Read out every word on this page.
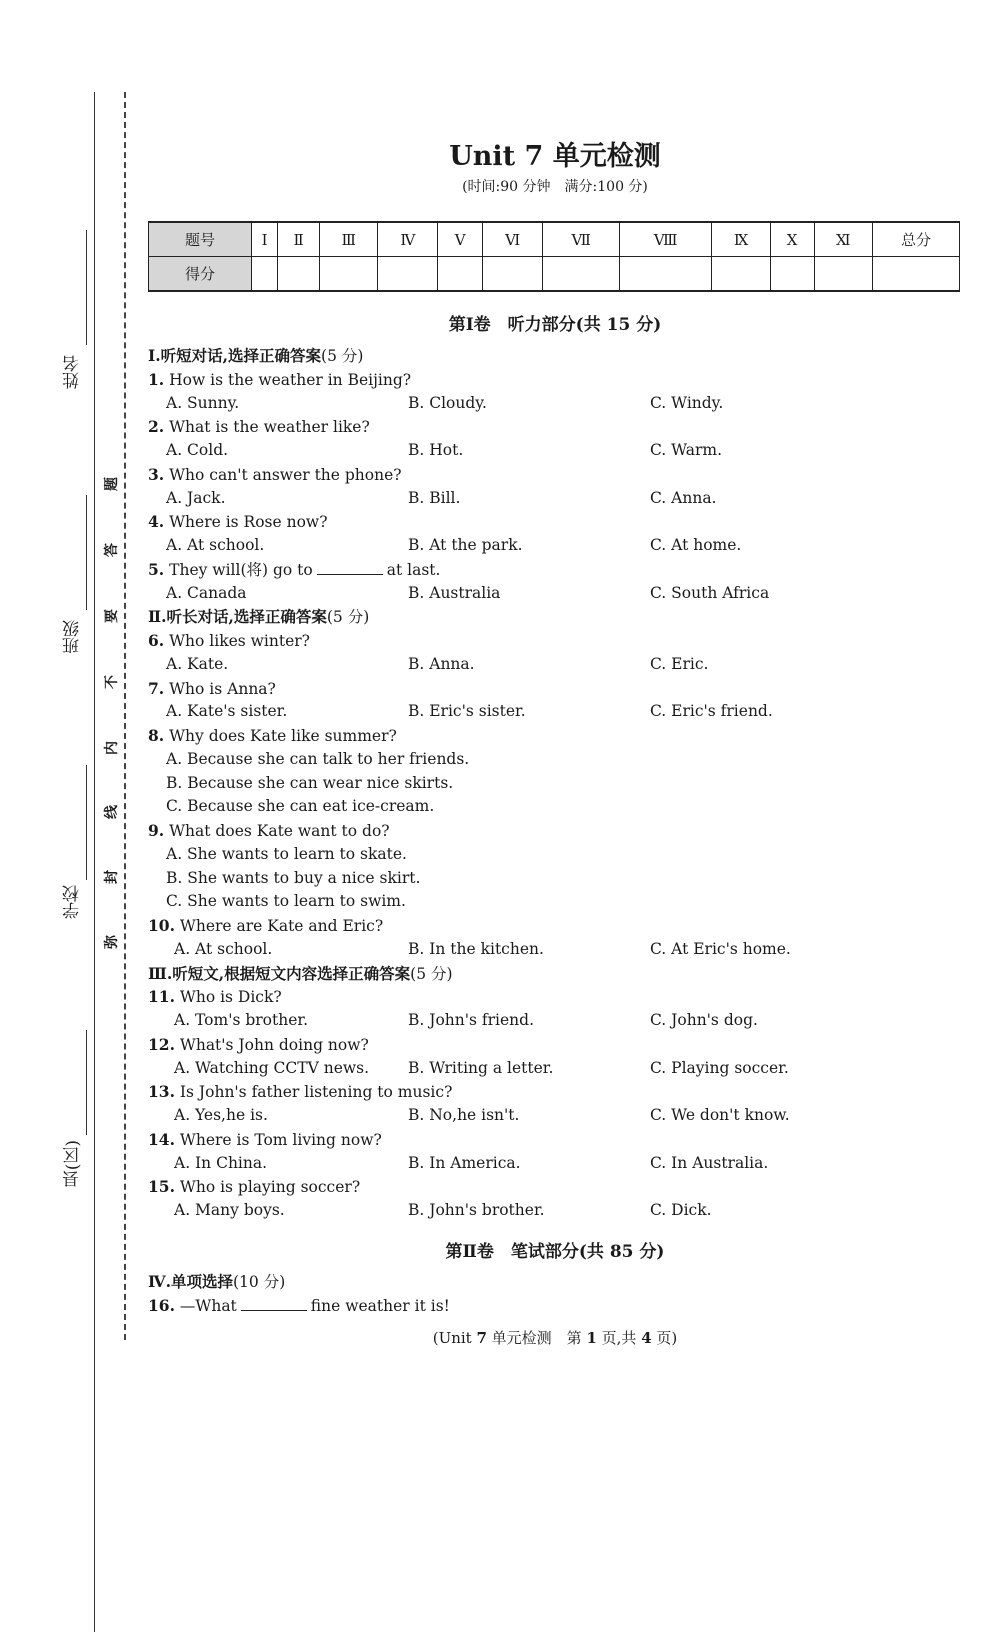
姓名
班级
学校
县(区)
题
答
要
不
内
线
封
弥
Unit 7 单元检测
(时间:90 分钟　满分:100 分)
题号	Ⅰ	Ⅱ	Ⅲ	Ⅳ	Ⅴ	Ⅵ	Ⅶ	Ⅷ	Ⅸ	Ⅹ	Ⅺ	总分
得分												
第Ⅰ卷　听力部分(共 15 分)
Ⅰ.听短对话,选择正确答案(5 分)
1. How is the weather in Beijing?
A. Sunny.	B. Cloudy.	C. Windy.
2. What is the weather like?
A. Cold.	B. Hot.	C. Warm.
3. Who can't answer the phone?
A. Jack.	B. Bill.	C. Anna.
4. Where is Rose now?
A. At school.	B. At the park.	C. At home.
5. They will(将) go to	at last.
A. Canada	B. Australia	C. South Africa
Ⅱ.听长对话,选择正确答案(5 分)
6. Who likes winter?
A. Kate.	B. Anna.	C. Eric.
7. Who is Anna?
A. Kate's sister.	B. Eric's sister.	C. Eric's friend.
8. Why does Kate like summer?
A. Because she can talk to her friends.
B. Because she can wear nice skirts.
C. Because she can eat ice-cream.
9. What does Kate want to do?
A. She wants to learn to skate.
B. She wants to buy a nice skirt.
C. She wants to learn to swim.
10. Where are Kate and Eric?
A. At school.	B. In the kitchen.	C. At Eric's home.
Ⅲ.听短文,根据短文内容选择正确答案(5 分)
11. Who is Dick?
A. Tom's brother.	B. John's friend.	C. John's dog.
12. What's John doing now?
A. Watching CCTV news.	B. Writing a letter.	C. Playing soccer.
13. Is John's father listening to music?
A. Yes,he is.	B. No,he isn't.	C. We don't know.
14. Where is Tom living now?
A. In China.	B. In America.	C. In Australia.
15. Who is playing soccer?
A. Many boys.	B. John's brother.	C. Dick.
第Ⅱ卷　笔试部分(共 85 分)
Ⅳ.单项选择(10 分)
16. —What	fine weather it is!
(Unit 7 单元检测　第 1 页,共 4 页)
